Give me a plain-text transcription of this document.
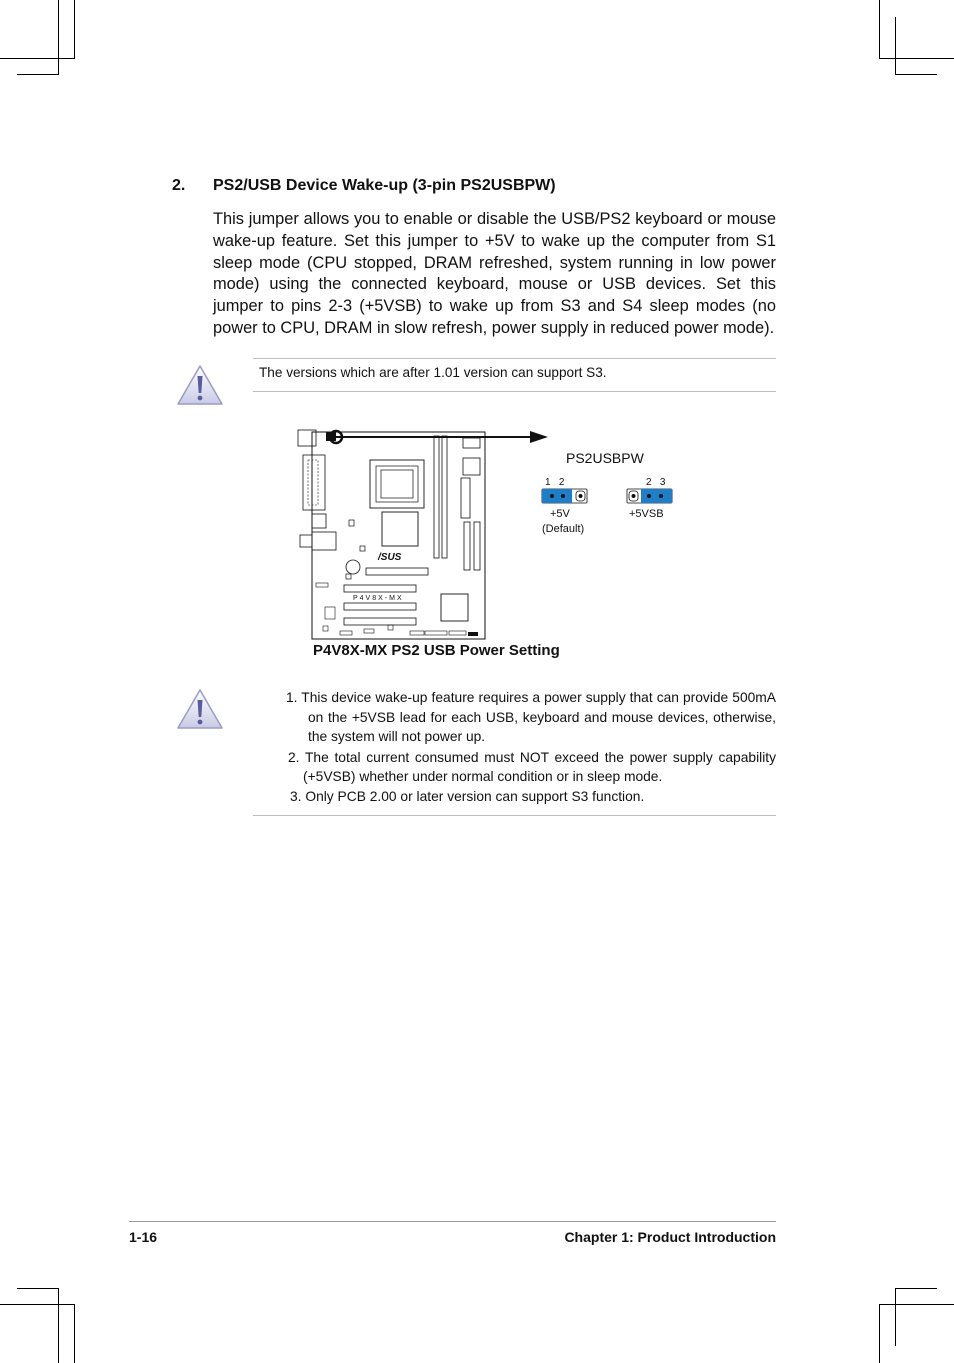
2. PS2/USB Device Wake-up (3-pin PS2USBPW)

This jumper allows you to enable or disable the USB/PS2 keyboard or mouse wake-up feature. Set this jumper to +5V to wake up the computer from S1 sleep mode (CPU stopped, DRAM refreshed, system running in low power mode) using the connected keyboard, mouse or USB devices. Set this jumper to pins 2-3 (+5VSB) to wake up from S3 and S4 sleep modes (no power to CPU, DRAM in slow refresh, power supply in reduced power mode).

The versions which are after 1.01 version can support S3.

/SUS
P4V8X-MX
PS2USBPW
1   2
+5V
(Default)
2   3
+5VSB

P4V8X-MX PS2 USB Power Setting

1. This device wake-up feature requires a power supply that can provide 500mA on the +5VSB lead for each USB, keyboard and mouse devices, otherwise, the system will not power up.

2. The total current consumed must NOT exceed the power supply capability (+5VSB) whether under normal condition or in sleep mode.

3. Only PCB 2.00 or later version can support S3 function.

1-16	Chapter 1: Product Introduction
